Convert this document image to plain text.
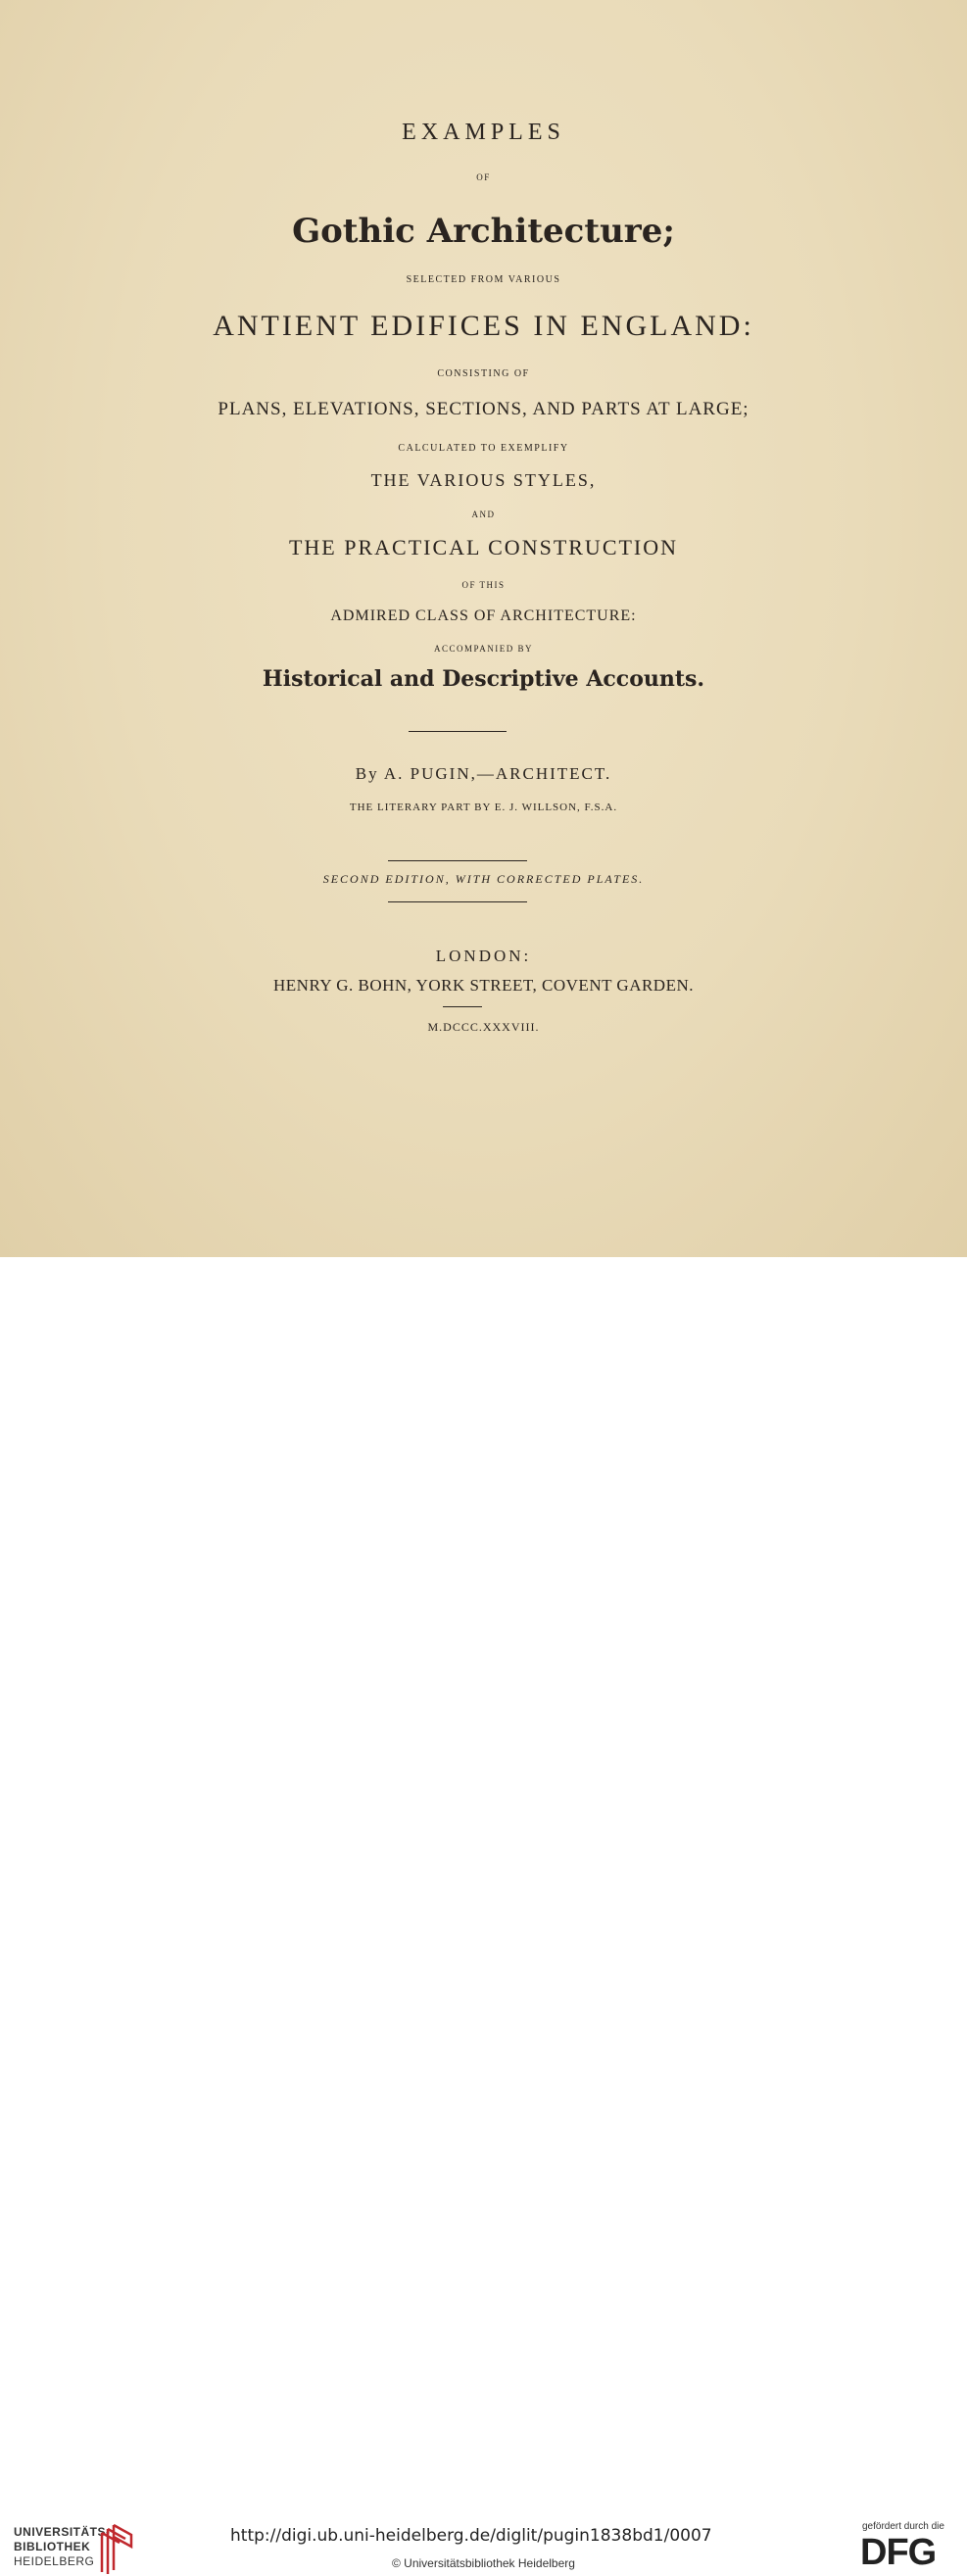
EXAMPLES
OF
Gothic Architecture;
SELECTED FROM VARIOUS
ANTIENT EDIFICES IN ENGLAND:
CONSISTING OF
PLANS, ELEVATIONS, SECTIONS, AND PARTS AT LARGE;
CALCULATED TO EXEMPLIFY
THE VARIOUS STYLES,
AND
THE PRACTICAL CONSTRUCTION
OF THIS
ADMIRED CLASS OF ARCHITECTURE:
ACCOMPANIED BY
Historical and Descriptive Accounts.
By A. PUGIN,—ARCHITECT.
THE LITERARY PART BY E. J. WILLSON, F.S.A.
SECOND EDITION, WITH CORRECTED PLATES.
LONDON:
HENRY G. BOHN, YORK STREET, COVENT GARDEN.
M.DCCC.XXXVIII.
UNIVERSITÄTS-
BIBLIOTHEK
HEIDELBERG
http://digi.ub.uni-heidelberg.de/diglit/pugin1838bd1/0007
© Universitätsbibliothek Heidelberg
gefördert durch die
DFG
